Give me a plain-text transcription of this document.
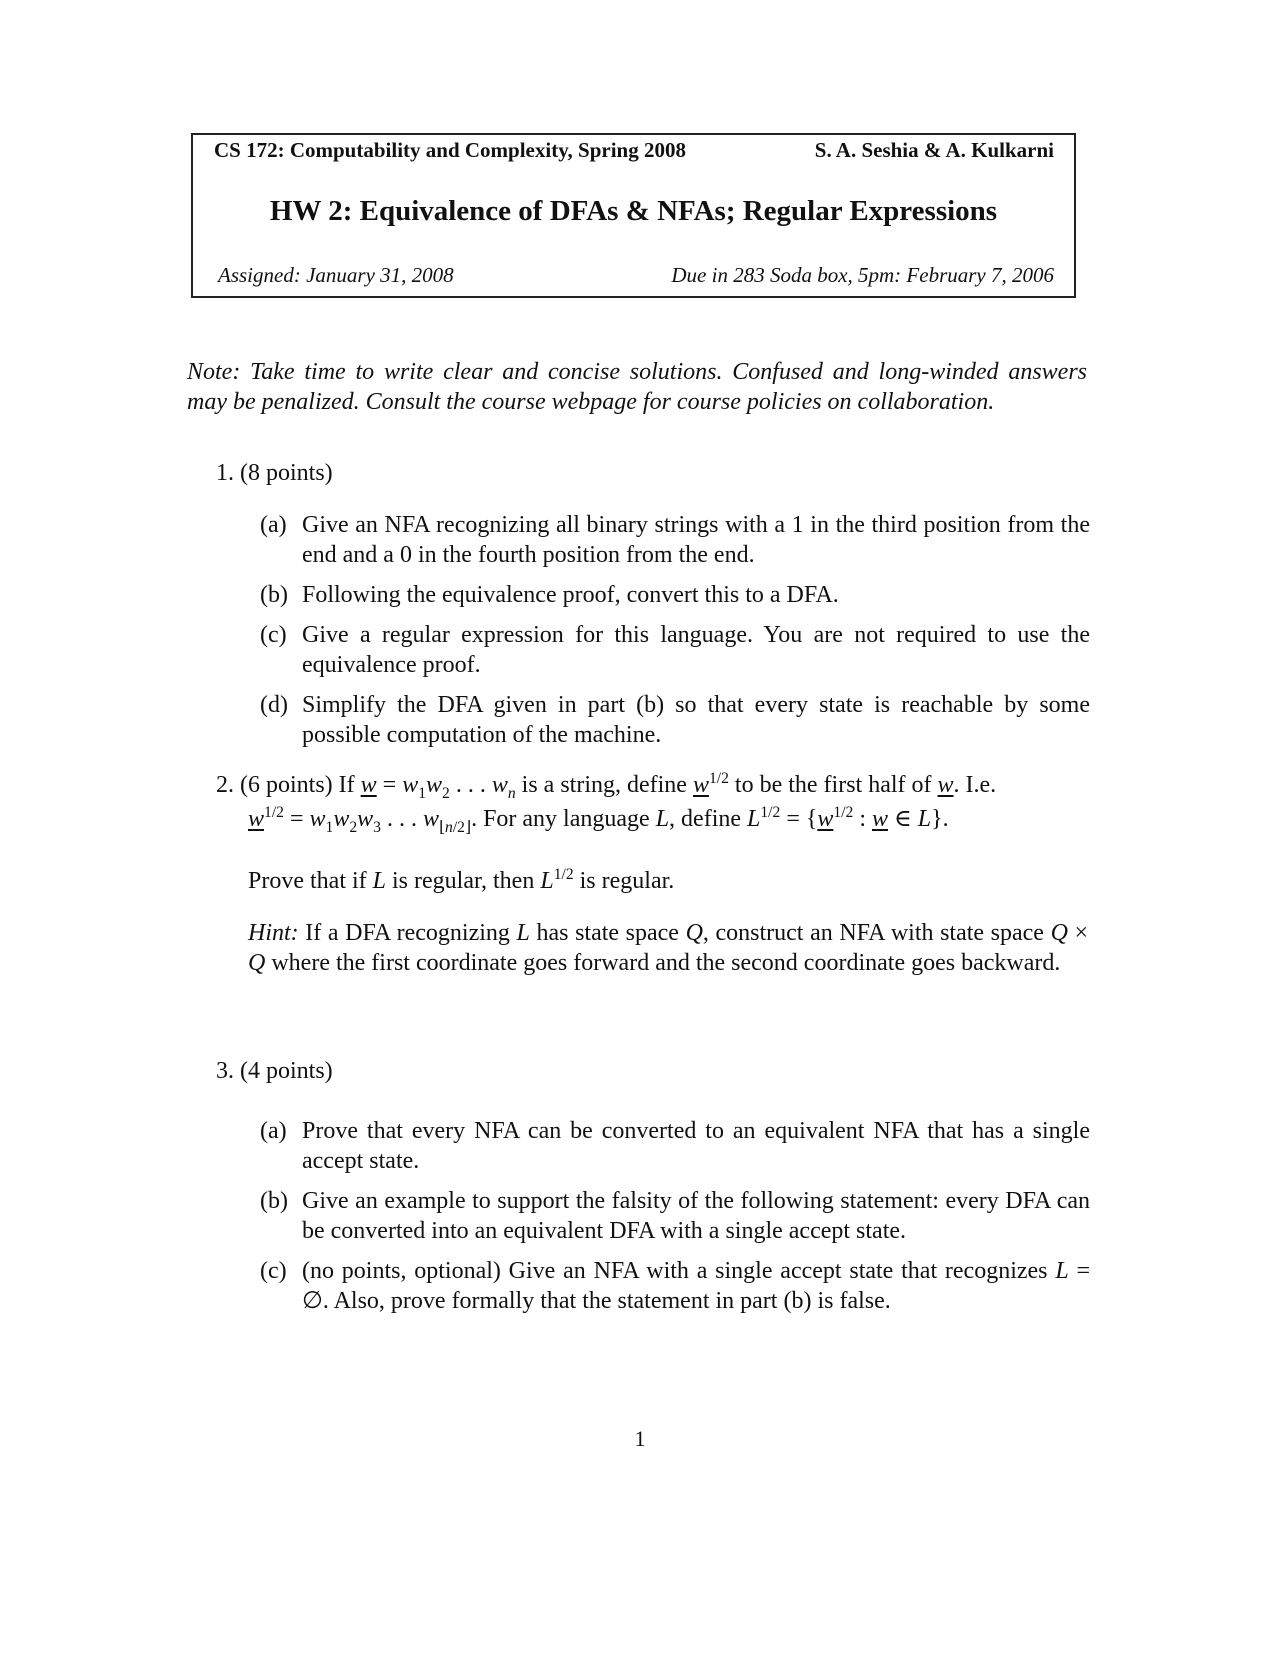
CS 172: Computability and Complexity, Spring 2008	S. A. Seshia & A. Kulkarni
HW 2: Equivalence of DFAs & NFAs; Regular Expressions
Assigned: January 31, 2008	Due in 283 Soda box, 5pm: February 7, 2006
Note: Take time to write clear and concise solutions. Confused and long-winded answers may be penalized. Consult the course webpage for course policies on collaboration.
1. (8 points)
(a) Give an NFA recognizing all binary strings with a 1 in the third position from the end and a 0 in the fourth position from the end.
(b) Following the equivalence proof, convert this to a DFA.
(c) Give a regular expression for this language. You are not required to use the equivalence proof.
(d) Simplify the DFA given in part (b) so that every state is reachable by some possible computation of the machine.
2. (6 points) If $w = w_1w_2$ . . . $w_n$ is a string, define $w^{1/2}$ to be the first half of w. I.e.
$w^{1/2} = w_1w_2w_3$ . . . $w_{⌊n/2⌋}$. For any language L, define $L^{1/2} = \{w^{1/2}$ : w ∈ L}.
Prove that if L is regular, then $L^{1/2}$ is regular.
Hint: If a DFA recognizing L has state space Q, construct an NFA with state space Q × Q where the first coordinate goes forward and the second coordinate goes backward.
3. (4 points)
(a) Prove that every NFA can be converted to an equivalent NFA that has a single accept state.
(b) Give an example to support the falsity of the following statement: every DFA can be converted into an equivalent DFA with a single accept state.
(c) (no points, optional) Give an NFA with a single accept state that recognizes L = ∅. Also, prove formally that the statement in part (b) is false.
1
